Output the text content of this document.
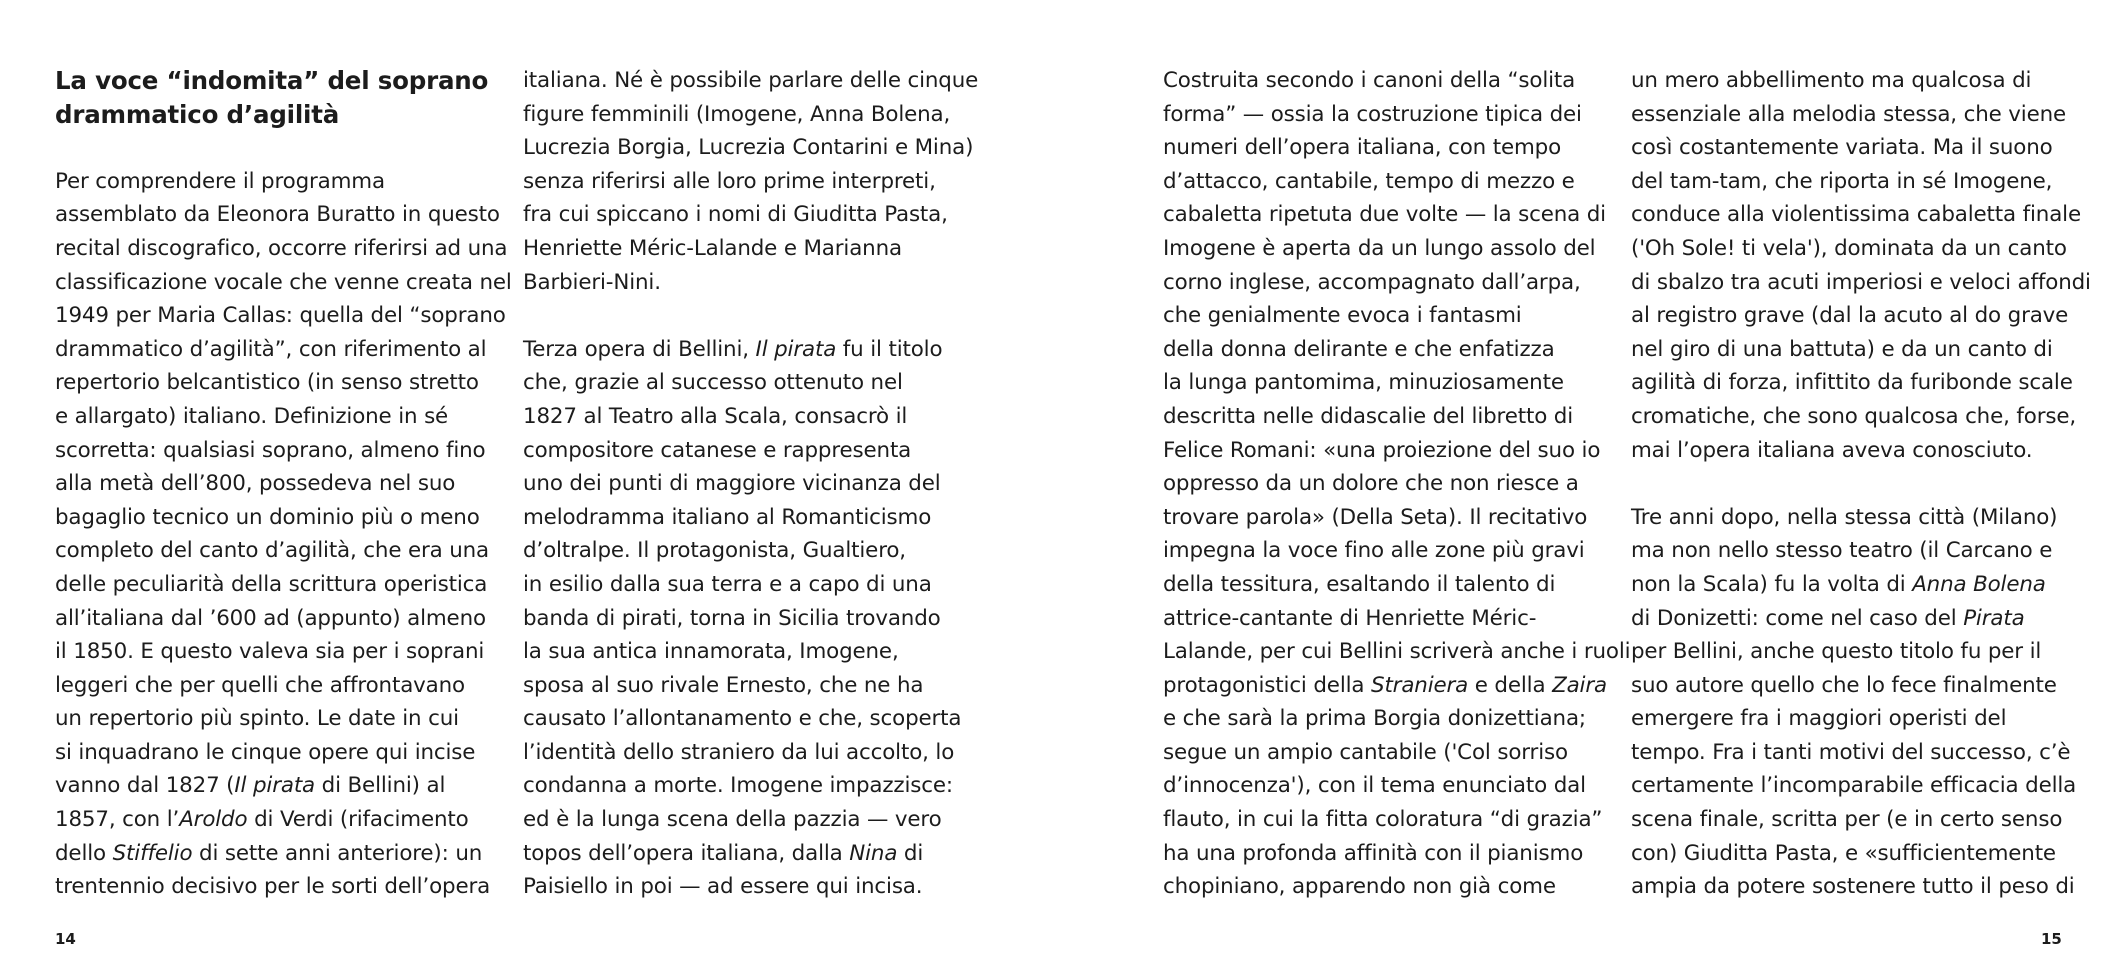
La voce “indomita” del soprano
drammatico d’agilità
Per comprendere il programma
assemblato da Eleonora Buratto in questo
recital discografico, occorre riferirsi ad una
classificazione vocale che venne creata nel
1949 per Maria Callas: quella del “soprano
drammatico d’agilità”, con riferimento al
repertorio belcantistico (in senso stretto
e allargato) italiano. Definizione in sé
scorretta: qualsiasi soprano, almeno fino
alla metà dell’800, possedeva nel suo
bagaglio tecnico un dominio più o meno
completo del canto d’agilità, che era una
delle peculiarità della scrittura operistica
all’italiana dal ’600 ad (appunto) almeno
il 1850. E questo valeva sia per i soprani
leggeri che per quelli che affrontavano
un repertorio più spinto. Le date in cui
si inquadrano le cinque opere qui incise
vanno dal 1827 (Il pirata di Bellini) al
1857, con l’Aroldo di Verdi (rifacimento
dello Stiffelio di sette anni anteriore): un
trentennio decisivo per le sorti dell’opera
italiana. Né è possibile parlare delle cinque
figure femminili (Imogene, Anna Bolena,
Lucrezia Borgia, Lucrezia Contarini e Mina)
senza riferirsi alle loro prime interpreti,
fra cui spiccano i nomi di Giuditta Pasta,
Henriette Méric-Lalande e Marianna
Barbieri-Nini.
Terza opera di Bellini, Il pirata fu il titolo
che, grazie al successo ottenuto nel
1827 al Teatro alla Scala, consacrò il
compositore catanese e rappresenta
uno dei punti di maggiore vicinanza del
melodramma italiano al Romanticismo
d’oltralpe. Il protagonista, Gualtiero,
in esilio dalla sua terra e a capo di una
banda di pirati, torna in Sicilia trovando
la sua antica innamorata, Imogene,
sposa al suo rivale Ernesto, che ne ha
causato l’allontanamento e che, scoperta
l’identità dello straniero da lui accolto, lo
condanna a morte. Imogene impazzisce:
ed è la lunga scena della pazzia — vero
topos dell’opera italiana, dalla Nina di
Paisiello in poi — ad essere qui incisa.
Costruita secondo i canoni della “solita
forma” — ossia la costruzione tipica dei
numeri dell’opera italiana, con tempo
d’attacco, cantabile, tempo di mezzo e
cabaletta ripetuta due volte — la scena di
Imogene è aperta da un lungo assolo del
corno inglese, accompagnato dall’arpa,
che genialmente evoca i fantasmi
della donna delirante e che enfatizza
la lunga pantomima, minuziosamente
descritta nelle didascalie del libretto di
Felice Romani: «una proiezione del suo io
oppresso da un dolore che non riesce a
trovare parola» (Della Seta). Il recitativo
impegna la voce fino alle zone più gravi
della tessitura, esaltando il talento di
attrice-cantante di Henriette Méric-
Lalande, per cui Bellini scriverà anche i ruoli
protagonistici della Straniera e della Zaira
e che sarà la prima Borgia donizettiana;
segue un ampio cantabile ('Col sorriso
d’innocenza'), con il tema enunciato dal
flauto, in cui la fitta coloratura “di grazia”
ha una profonda affinità con il pianismo
chopiniano, apparendo non già come
un mero abbellimento ma qualcosa di
essenziale alla melodia stessa, che viene
così costantemente variata. Ma il suono
del tam-tam, che riporta in sé Imogene,
conduce alla violentissima cabaletta finale
('Oh Sole! ti vela'), dominata da un canto
di sbalzo tra acuti imperiosi e veloci affondi
al registro grave (dal la acuto al do grave
nel giro di una battuta) e da un canto di
agilità di forza, infittito da furibonde scale
cromatiche, che sono qualcosa che, forse,
mai l’opera italiana aveva conosciuto.
Tre anni dopo, nella stessa città (Milano)
ma non nello stesso teatro (il Carcano e
non la Scala) fu la volta di Anna Bolena
di Donizetti: come nel caso del Pirata
per Bellini, anche questo titolo fu per il
suo autore quello che lo fece finalmente
emergere fra i maggiori operisti del
tempo. Fra i tanti motivi del successo, c’è
certamente l’incomparabile efficacia della
scena finale, scritta per (e in certo senso
con) Giuditta Pasta, e «sufficientemente
ampia da potere sostenere tutto il peso di
14	15
